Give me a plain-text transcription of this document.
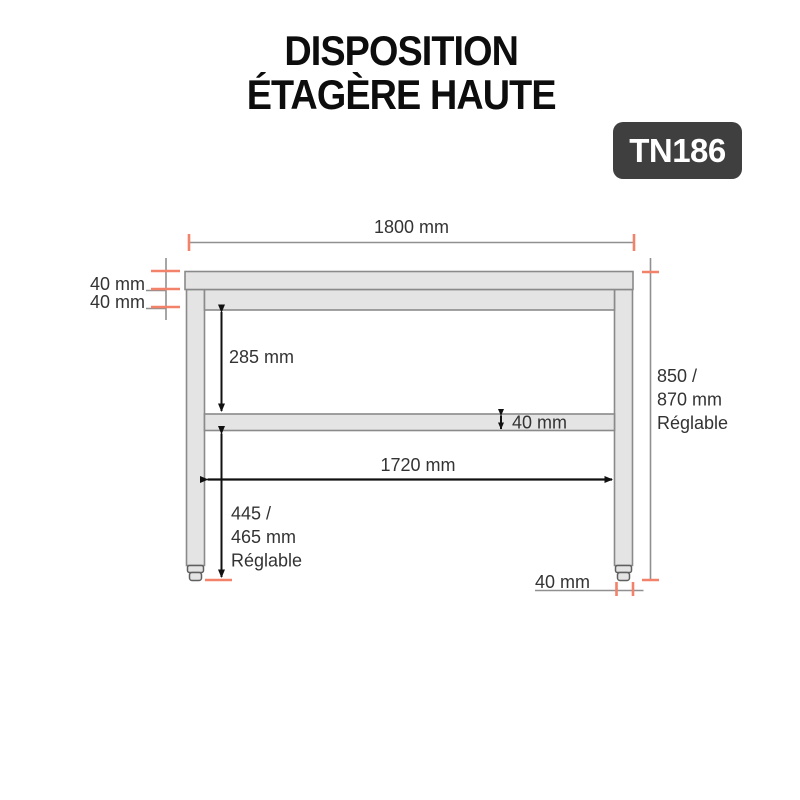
DISPOSITION
ÉTAGÈRE HAUTE
TN186
1800 mm
40 mm
40 mm
850 /
870 mm
Réglable
285 mm
40 mm
1720 mm
445 /
465 mm
Réglable
40 mm
